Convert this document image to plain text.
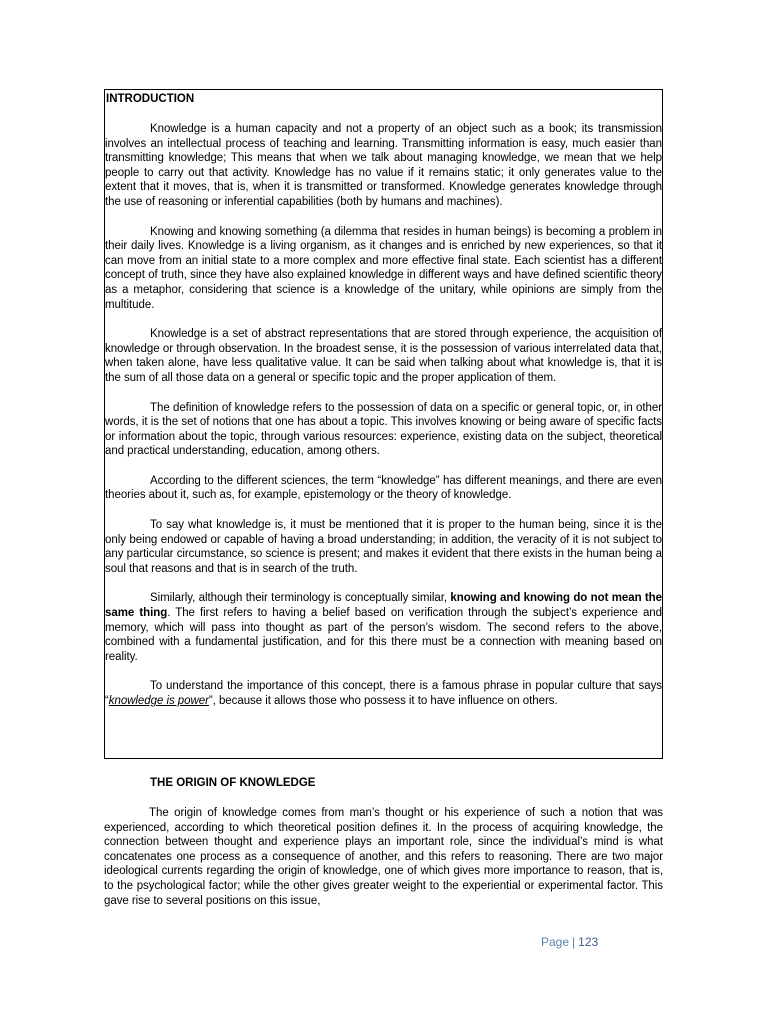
INTRODUCTION

Knowledge is a human capacity and not a property of an object such as a book; its transmission involves an intellectual process of teaching and learning. Transmitting information is easy, much easier than transmitting knowledge; This means that when we talk about managing knowledge, we mean that we help people to carry out that activity. Knowledge has no value if it remains static; it only generates value to the extent that it moves, that is, when it is transmitted or transformed. Knowledge generates knowledge through the use of reasoning or inferential capabilities (both by humans and machines).

Knowing and knowing something (a dilemma that resides in human beings) is becoming a problem in their daily lives. Knowledge is a living organism, as it changes and is enriched by new experiences, so that it can move from an initial state to a more complex and more effective final state. Each scientist has a different concept of truth, since they have also explained knowledge in different ways and have defined scientific theory as a metaphor, considering that science is a knowledge of the unitary, while opinions are simply from the multitude.

Knowledge is a set of abstract representations that are stored through experience, the acquisition of knowledge or through observation. In the broadest sense, it is the possession of various interrelated data that, when taken alone, have less qualitative value. It can be said when talking about what knowledge is, that it is the sum of all those data on a general or specific topic and the proper application of them.

The definition of knowledge refers to the possession of data on a specific or general topic, or, in other words, it is the set of notions that one has about a topic. This involves knowing or being aware of specific facts or information about the topic, through various resources: experience, existing data on the subject, theoretical and practical understanding, education, among others.

According to the different sciences, the term “knowledge” has different meanings, and there are even theories about it, such as, for example, epistemology or the theory of knowledge.

To say what knowledge is, it must be mentioned that it is proper to the human being, since it is the only being endowed or capable of having a broad understanding; in addition, the veracity of it is not subject to any particular circumstance, so science is present; and makes it evident that there exists in the human being a soul that reasons and that is in search of the truth.

Similarly, although their terminology is conceptually similar, knowing and knowing do not mean the same thing. The first refers to having a belief based on verification through the subject’s experience and memory, which will pass into thought as part of the person’s wisdom. The second refers to the above, combined with a fundamental justification, and for this there must be a connection with meaning based on reality.

To understand the importance of this concept, there is a famous phrase in popular culture that says “knowledge is power”, because it allows those who possess it to have influence on others.

THE ORIGIN OF KNOWLEDGE

The origin of knowledge comes from man’s thought or his experience of such a notion that was experienced, according to which theoretical position defines it. In the process of acquiring knowledge, the connection between thought and experience plays an important role, since the individual’s mind is what concatenates one process as a consequence of another, and this refers to reasoning. There are two major ideological currents regarding the origin of knowledge, one of which gives more importance to reason, that is, to the psychological factor; while the other gives greater weight to the experiential or experimental factor. This gave rise to several positions on this issue,

Page | 123
